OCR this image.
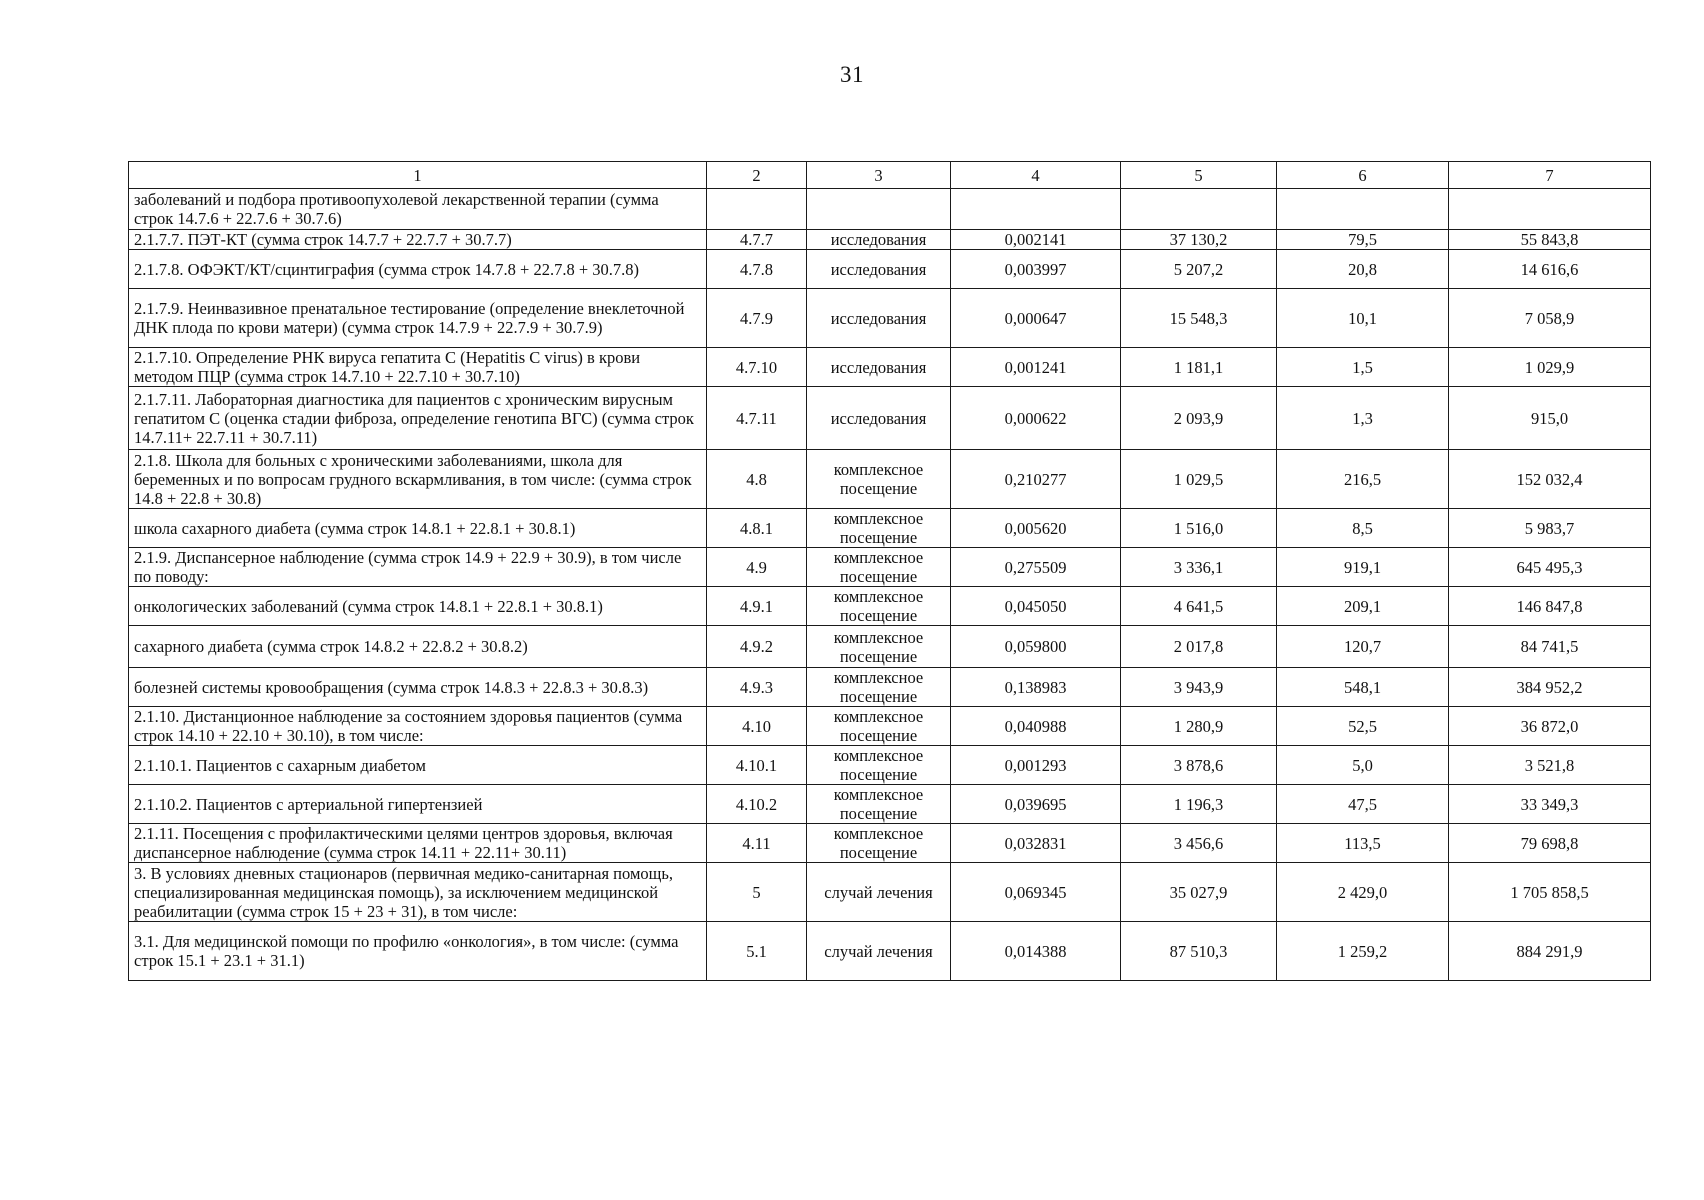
31
1	2	3	4	5	6	7
заболеваний и подбора противоопухолевой лекарственной терапии (сумма строк 14.7.6 + 22.7.6 + 30.7.6)						
2.1.7.7. ПЭТ-КТ (сумма строк 14.7.7 + 22.7.7 + 30.7.7)	4.7.7	исследования	0,002141	37 130,2	79,5	55 843,8
2.1.7.8. ОФЭКТ/КТ/сцинтиграфия (сумма строк 14.7.8 + 22.7.8 + 30.7.8)	4.7.8	исследования	0,003997	5 207,2	20,8	14 616,6
2.1.7.9. Неинвазивное пренатальное тестирование (определение внеклеточной ДНК плода по крови матери) (сумма строк 14.7.9 + 22.7.9 + 30.7.9)	4.7.9	исследования	0,000647	15 548,3	10,1	7 058,9
2.1.7.10. Определение РНК вируса гепатита С (Hepatitis C virus) в крови методом ПЦР (сумма строк 14.7.10 + 22.7.10 + 30.7.10)	4.7.10	исследования	0,001241	1 181,1	1,5	1 029,9
2.1.7.11. Лабораторная диагностика для пациентов с хроническим вирусным гепатитом С (оценка стадии фиброза, определение генотипа ВГС) (сумма строк 14.7.11+ 22.7.11 + 30.7.11)	4.7.11	исследования	0,000622	2 093,9	1,3	915,0
2.1.8. Школа для больных с хроническими заболеваниями, школа для беременных и по вопросам грудного вскармливания, в том числе: (сумма строк 14.8 + 22.8 + 30.8)	4.8	комплексное посещение	0,210277	1 029,5	216,5	152 032,4
школа сахарного диабета (сумма строк 14.8.1 + 22.8.1 + 30.8.1)	4.8.1	комплексное посещение	0,005620	1 516,0	8,5	5 983,7
2.1.9. Диспансерное наблюдение (сумма строк 14.9 + 22.9 + 30.9), в том числе по поводу:	4.9	комплексное посещение	0,275509	3 336,1	919,1	645 495,3
онкологических заболеваний (сумма строк 14.8.1 + 22.8.1 + 30.8.1)	4.9.1	комплексное посещение	0,045050	4 641,5	209,1	146 847,8
сахарного диабета (сумма строк 14.8.2 + 22.8.2 + 30.8.2)	4.9.2	комплексное посещение	0,059800	2 017,8	120,7	84 741,5
болезней системы кровообращения (сумма строк 14.8.3 + 22.8.3 + 30.8.3)	4.9.3	комплексное посещение	0,138983	3 943,9	548,1	384 952,2
2.1.10. Дистанционное наблюдение за состоянием здоровья пациентов (сумма строк 14.10 + 22.10 + 30.10), в том числе:	4.10	комплексное посещение	0,040988	1 280,9	52,5	36 872,0
2.1.10.1. Пациентов с сахарным диабетом	4.10.1	комплексное посещение	0,001293	3 878,6	5,0	3 521,8
2.1.10.2. Пациентов с артериальной гипертензией	4.10.2	комплексное посещение	0,039695	1 196,3	47,5	33 349,3
2.1.11. Посещения с профилактическими целями центров здоровья, включая диспансерное наблюдение (сумма строк 14.11 + 22.11+ 30.11)	4.11	комплексное посещение	0,032831	3 456,6	113,5	79 698,8
3. В условиях дневных стационаров (первичная медико-санитарная помощь, специализированная медицинская помощь), за исключением медицинской реабилитации (сумма строк 15 + 23 + 31), в том числе:	5	случай лечения	0,069345	35 027,9	2 429,0	1 705 858,5
3.1. Для медицинской помощи по профилю «онкология», в том числе: (сумма строк 15.1 + 23.1 + 31.1)	5.1	случай лечения	0,014388	87 510,3	1 259,2	884 291,9
